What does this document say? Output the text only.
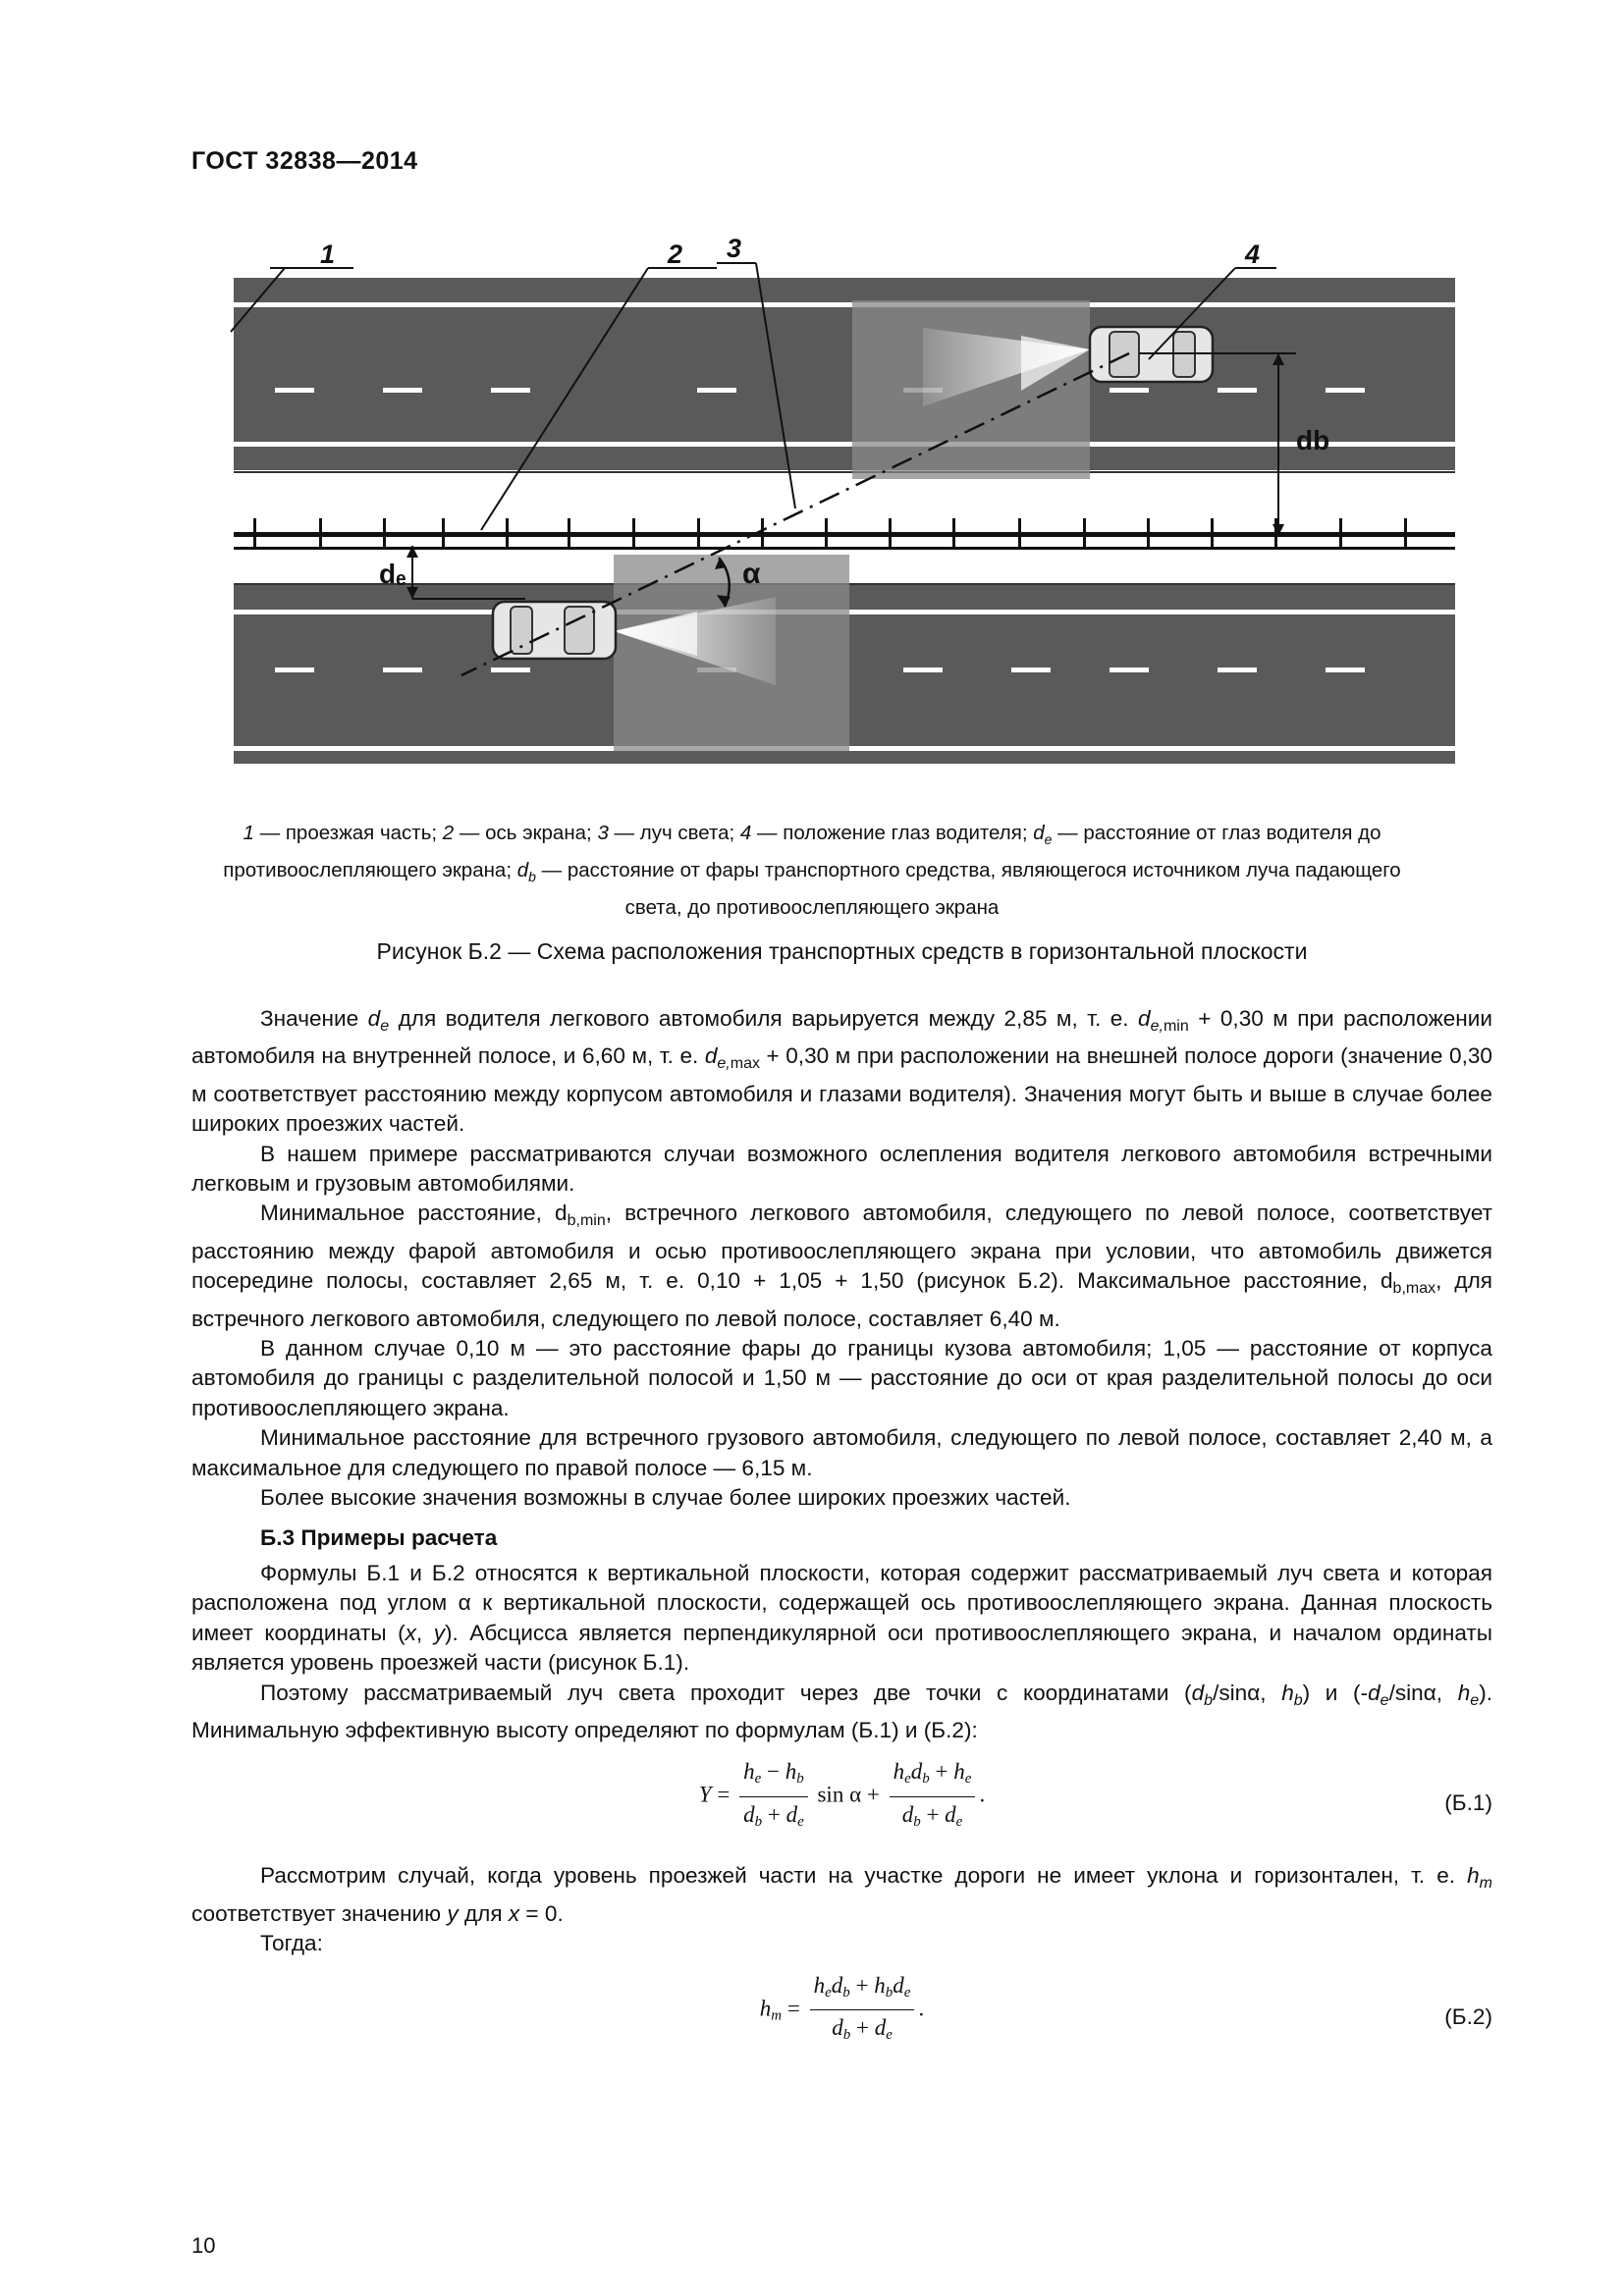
ГОСТ 32838—2014
1	2 3	4
db
dₑ	α
1 — проезжая часть; 2 — ось экрана; 3 — луч света; 4 — положение глаз водителя; $d_e$ — расстояние от глаз водителя до противоослепляющего экрана; $d_b$ — расстояние от фары транспортного средства, являющегося источником луча падающего света, до противоослепляющего экрана
Рисунок Б.2 — Схема расположения транспортных средств в горизонтальной плоскости

Значение $d_e$ для водителя легкового автомобиля варьируется между 2,85 м, т. е. $d_{e,min} + 0,30$ м при расположении автомобиля на внутренней полосе, и 6,60 м, т. е. $d_{e,max} + 0,30$ м при расположении на внешней полосе дороги (значение 0,30 м соответствует расстоянию между корпусом автомобиля и глазами водителя). Значения могут быть и выше в случае более широких проезжих частей.

В нашем примере рассматриваются случаи возможного ослепления водителя легкового автомобиля встречными легковым и грузовым автомобилями.

Минимальное расстояние, $d_{b,min}$, встречного легкового автомобиля, следующего по левой полосе, соответствует расстоянию между фарой автомобиля и осью противоослепляющего экрана при условии, что автомобиль движется посередине полосы, составляет 2,65 м, т. е. 0,10 + 1,05 + 1,50 (рисунок Б.2). Максимальное расстояние, $d_{b,max}$, для встречного легкового автомобиля, следующего по левой полосе, составляет 6,40 м.

В данном случае 0,10 м — это расстояние фары до границы кузова автомобиля; 1,05 — расстояние от корпуса автомобиля до границы с разделительной полосой и 1,50 м — расстояние до оси от края разделительной полосы до оси противоослепляющего экрана.

Минимальное расстояние для встречного грузового автомобиля, следующего по левой полосе, составляет 2,40 м, а максимальное для следующего по правой полосе — 6,15 м.

Более высокие значения возможны в случае более широких проезжих частей.

Б.3 Примеры расчета

Формулы Б.1 и Б.2 относятся к вертикальной плоскости, которая содержит рассматриваемый луч света и которая расположена под углом α к вертикальной плоскости, содержащей ось противоослепляющего экрана. Данная плоскость имеет координаты (x, y). Абсцисса является перпендикулярной оси противоослепляющего экрана, и началом ординаты является уровень проезжей части (рисунок Б.1).

Поэтому рассматриваемый луч света проходит через две точки с координатами ($d_b$/sinα, $h_b$) и ($-d_e$/sinα, $h_e$). Минимальную эффективную высоту определяют по формулам (Б.1) и (Б.2):

$Y = \frac{he - hb}{db + de}$ $\sin \alpha + \frac{\text{hedb + he}}{db + de}$ .	(Б.1)

Рассмотрим случай, когда уровень проезжей части на участке дороги не имеет уклона и горизонтален, т. е. $h_m$ соответствует значению y для x = 0.

Тогда:

hm = $\frac{\text{hedb + hbde}}{db + de}$ .	(Б.2)
10
